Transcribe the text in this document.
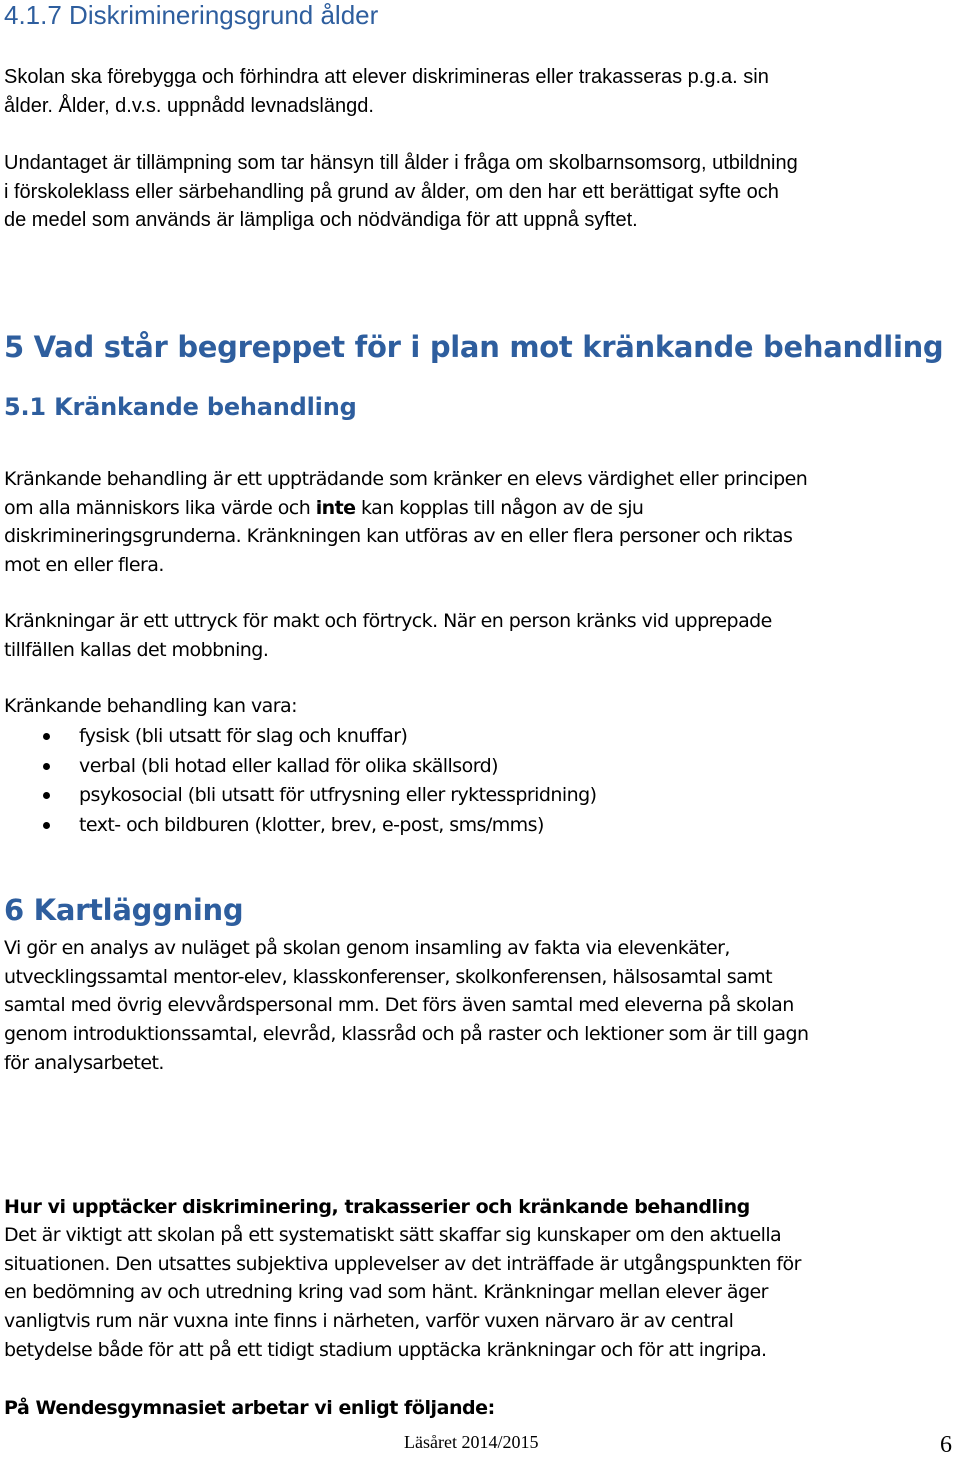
4.1.7 Diskrimineringsgrund ålder

Skolan ska förebygga och förhindra att elever diskrimineras eller trakasseras p.g.a. sin
ålder. Ålder, d.v.s. uppnådd levnadslängd.

Undantaget är tillämpning som tar hänsyn till ålder i fråga om skolbarnsomsorg, utbildning
i förskoleklass eller särbehandling på grund av ålder, om den har ett berättigat syfte och
de medel som används är lämpliga och nödvändiga för att uppnå syftet.

5 Vad står begreppet för i plan mot kränkande behandling
5.1 Kränkande behandling

Kränkande behandling är ett uppträdande som kränker en elevs värdighet eller principen
om alla människors lika värde och inte kan kopplas till någon av de sju
diskrimineringsgrunderna. Kränkningen kan utföras av en eller flera personer och riktas
mot en eller flera.

Kränkningar är ett uttryck för makt och förtryck. När en person kränks vid upprepade
tillfällen kallas det mobbning.

Kränkande behandling kan vara:

fysisk (bli utsatt för slag och knuffar)
verbal (bli hotad eller kallad för olika skällsord)
psykosocial (bli utsatt för utfrysning eller ryktesspridning)
text- och bildburen (klotter, brev, e-post, sms/mms)
6 Kartläggning

Vi gör en analys av nuläget på skolan genom insamling av fakta via elevenkäter,
utvecklingssamtal mentor-elev, klasskonferenser, skolkonferensen, hälsosamtal samt
samtal med övrig elevvårdspersonal mm. Det förs även samtal med eleverna på skolan
genom introduktionssamtal, elevråd, klassråd och på raster och lektioner som är till gagn
för analysarbetet.

Hur vi upptäcker diskriminering, trakasserier och kränkande behandling

Det är viktigt att skolan på ett systematiskt sätt skaffar sig kunskaper om den aktuella
situationen. Den utsattes subjektiva upplevelser av det inträffade är utgångspunkten för
en bedömning av och utredning kring vad som hänt. Kränkningar mellan elever äger
vanligtvis rum när vuxna inte finns i närheten, varför vuxen närvaro är av central
betydelse både för att på ett tidigt stadium upptäcka kränkningar och för att ingripa.

På Wendesgymnasiet arbetar vi enligt följande:
Läsåret 2014/2015	6
